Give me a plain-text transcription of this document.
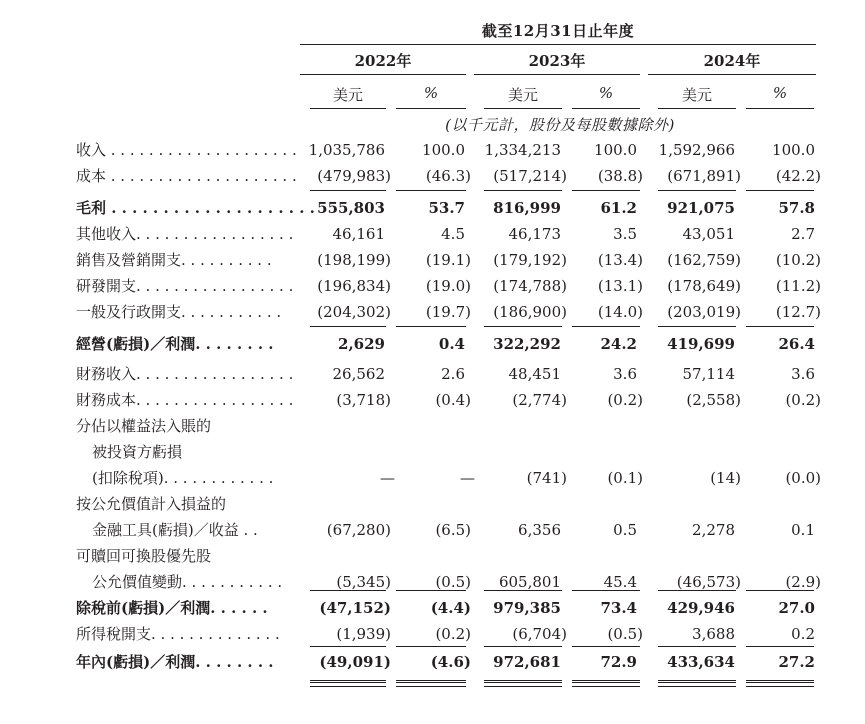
截至12月31日止年度
2022年	2023年	2024年
美元	%	美元	%	美元	%
(以千元計，股份及每股數據除外)
收入 . . . . . . . . . . . . . . . . . . . . 1,035,786 100.0 1,334,213 100.0 1,592,966 100.0
成本 . . . . . . . . . . . . . . . . . . . . (479,983) (46.3) (517,214) (38.8) (671,891) (42.2)
毛利 . . . . . . . . . . . . . . . . . . . . 555,803	53.7 816,999	61.2 921,075	57.8
其他收入. . . . . . . . . . . . . . . . .	46,161	4.5	46,173	3.5	43,051	2.7
銷售及營銷開支. . . . . . . . . .	(198,199) (19.1) (179,192) (13.4) (162,759) (10.2)
研發開支. . . . . . . . . . . . . . . . . (196,834) (19.0) (174,788) (13.1) (178,649) (11.2)
一般及行政開支. . . . . . . . . . . (204,302) (19.7) (186,900) (14.0) (203,019) (12.7)
經營(虧損)／利潤. . . . . . . .	2,629	0.4 322,292	24.2 419,699	26.4
財務收入. . . . . . . . . . . . . . . . .	26,562	2.6	48,451	3.6	57,114	3.6
財務成本. . . . . . . . . . . . . . . . .	(3,718)	(0.4)	(2,774)	(0.2)	(2,558)	(0.2)
分佔以權益法入賬的
被投資方虧損
(扣除稅項). . . . . . . . . . . .	—	—	(741)	(0.1)	(14)	(0.0)
按公允價值計入損益的
金融工具(虧損)／收益 . .	(67,280)	(6.5)	6,356	0.5	2,278	0.1
可贖回可換股優先股
公允價值變動. . . . . . . . . . .	(5,345)	(0.5) 605,801	45.4	(46,573)	(2.9)
除稅前(虧損)／利潤. . . . . .	(47,152)	(4.4) 979,385	73.4 429,946	27.0
所得稅開支. . . . . . . . . . . . . .	(1,939)	(0.2)	(6,704)	(0.5)	3,688	0.2
年內(虧損)／利潤. . . . . . . .	(49,091)	(4.6) 972,681	72.9 433,634	27.2
